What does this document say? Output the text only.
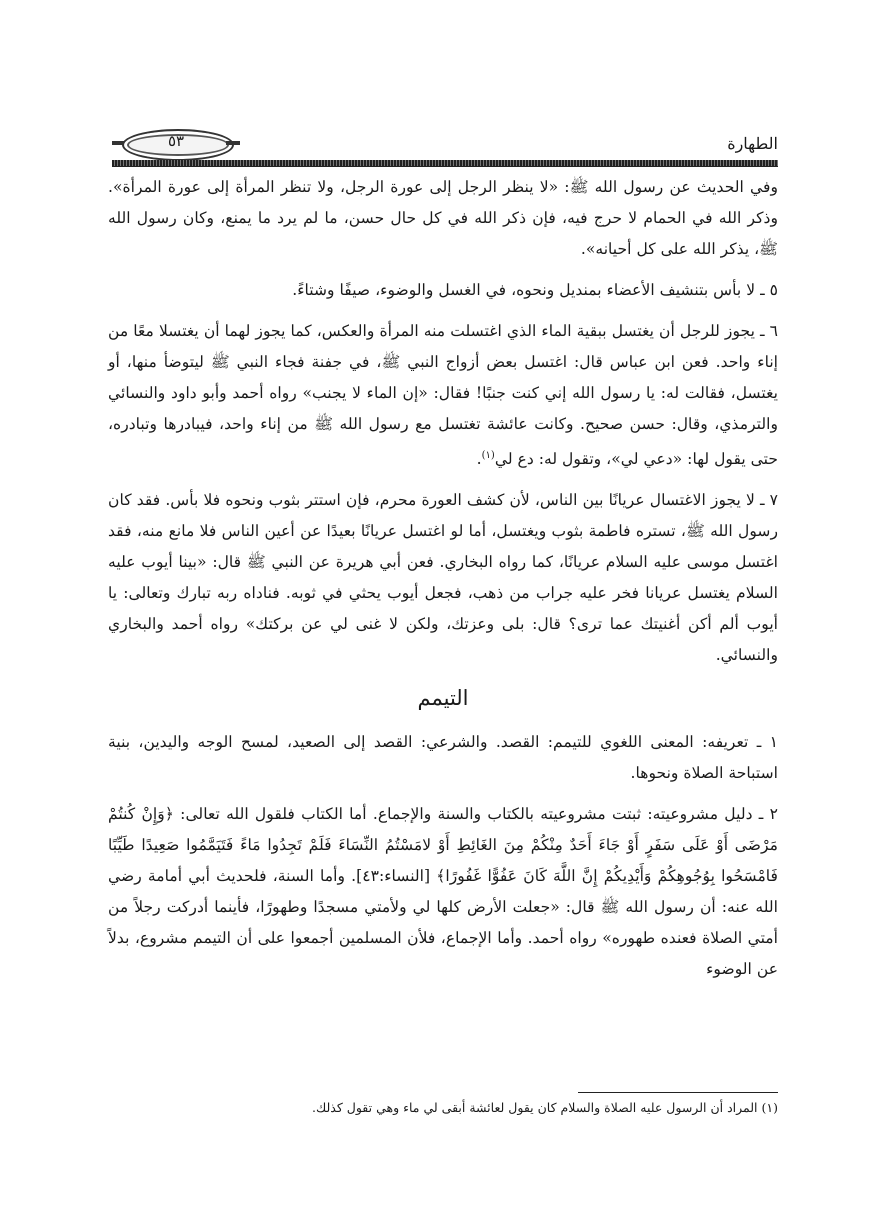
٥٣	الطهارة

وفي الحديث عن رسول الله ﷺ: «لا ينظر الرجل إلى عورة الرجل، ولا تنظر المرأة إلى عورة المرأة». وذكر الله في الحمام لا حرج فيه، فإن ذكر الله في كل حال حسن، ما لم يرد ما يمنع، وكان رسول الله ﷺ، يذكر الله على كل أحيانه».

٥ ـ لا بأس بتنشيف الأعضاء بمنديل ونحوه، في الغسل والوضوء، صيفًا وشتاءً.

٦ ـ يجوز للرجل أن يغتسل ببقية الماء الذي اغتسلت منه المرأة والعكس، كما يجوز لهما أن يغتسلا معًا من إناء واحد. فعن ابن عباس قال: اغتسل بعض أزواج النبي ﷺ، في جفنة فجاء النبي ﷺ ليتوضأ منها، أو يغتسل، فقالت له: يا رسول الله إني كنت جنبًا! فقال: «إن الماء لا يجنب» رواه أحمد وأبو داود والنسائي والترمذي، وقال: حسن صحيح. وكانت عائشة تغتسل مع رسول الله ﷺ من إناء واحد، فيبادرها وتبادره، حتى يقول لها: «دعي لي»، وتقول له: دع لي$^{(١)}$.

٧ ـ لا يجوز الاغتسال عريانًا بين الناس، لأن كشف العورة محرم، فإن استتر بثوب ونحوه فلا بأس. فقد كان رسول الله ﷺ، تستره فاطمة بثوب ويغتسل، أما لو اغتسل عريانًا بعيدًا عن أعين الناس فلا مانع منه، فقد اغتسل موسى عليه السلام عريانًا، كما رواه البخاري. فعن أبي هريرة عن النبي ﷺ قال: «بينا أيوب عليه السلام يغتسل عريانا فخر عليه جراب من ذهب، فجعل أيوب يحثي في ثوبه. فناداه ربه تبارك وتعالى: يا أيوب ألم أكن أغنيتك عما ترى؟ قال: بلى وعزتك، ولكن لا غنى لي عن بركتك» رواه أحمد والبخاري والنسائي.

التيمم

١ ـ تعريفه: المعنى اللغوي للتيمم: القصد. والشرعي: القصد إلى الصعيد، لمسح الوجه واليدين، بنية استباحة الصلاة ونحوها.

٢ ـ دليل مشروعيته: ثبتت مشروعيته بالكتاب والسنة والإجماع. أما الكتاب فلقول الله تعالى: ﴿وَإِنْ كُنتُمْ مَرْضَى أَوْ عَلَى سَفَرٍ أَوْ جَاءَ أَحَدٌ مِنْكُمْ مِنَ الغَائِطِ أَوْ لامَسْتُمُ النِّسَاءَ فَلَمْ تَجِدُوا مَاءً فَتَيَمَّمُوا صَعِيدًا طَيِّبًا فَامْسَحُوا بِوُجُوهِكُمْ وَأَيْدِيكُمْ إِنَّ اللَّهَ كَانَ عَفُوًّا غَفُورًا﴾ [النساء:٤٣]. وأما السنة، فلحديث أبي أمامة رضي الله عنه: أن رسول الله ﷺ قال: «جعلت الأرض كلها لي ولأمتي مسجدًا وطهورًا، فأينما أدركت رجلاً من أمتي الصلاة فعنده طهوره» رواه أحمد. وأما الإجماع، فلأن المسلمين أجمعوا على أن التيمم مشروع، بدلاً عن الوضوء

(١) المراد أن الرسول عليه الصلاة والسلام كان يقول لعائشة أبقى لي ماء وهي تقول كذلك.
